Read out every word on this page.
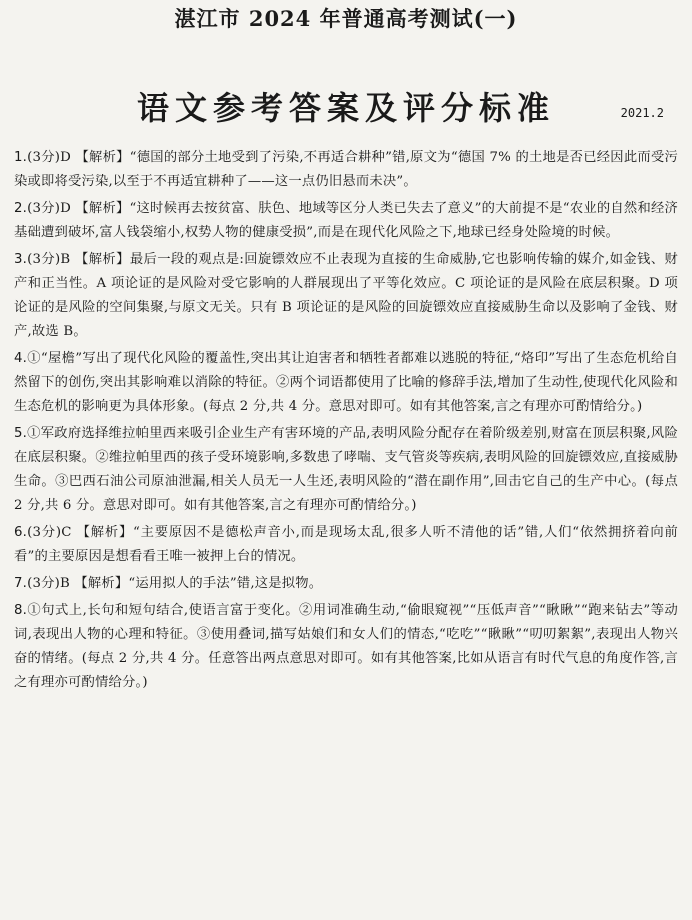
湛江市 2024 年普通高考测试(一)
语文参考答案及评分标准	2021.2

1.(3分)D 【解析】“德国的部分土地受到了污染,不再适合耕种”错,原文为“德国 7% 的土地是否已经因此而受污染或即将受污染,以至于不再适宜耕种了——这一点仍旧悬而未决”。

2.(3分)D 【解析】“这时候再去按贫富、肤色、地域等区分人类已失去了意义”的大前提不是“农业的自然和经济基础遭到破坏,富人钱袋缩小,权势人物的健康受损”,而是在现代化风险之下,地球已经身处险境的时候。

3.(3分)B 【解析】最后一段的观点是:回旋镖效应不止表现为直接的生命威胁,它也影响传输的媒介,如金钱、财产和正当性。A 项论证的是风险对受它影响的人群展现出了平等化效应。C 项论证的是风险在底层积聚。D 项论证的是风险的空间集聚,与原文无关。只有 B 项论证的是风险的回旋镖效应直接威胁生命以及影响了金钱、财产,故选 B。

4.①“屋檐”写出了现代化风险的覆盖性,突出其让迫害者和牺牲者都难以逃脱的特征,“烙印”写出了生态危机给自然留下的创伤,突出其影响难以消除的特征。②两个词语都使用了比喻的修辞手法,增加了生动性,使现代化风险和生态危机的影响更为具体形象。(每点 2 分,共 4 分。意思对即可。如有其他答案,言之有理亦可酌情给分。)

5.①军政府选择维拉帕里西来吸引企业生产有害环境的产品,表明风险分配存在着阶级差别,财富在顶层积聚,风险在底层积聚。②维拉帕里西的孩子受环境影响,多数患了哮喘、支气管炎等疾病,表明风险的回旋镖效应,直接威胁生命。③巴西石油公司原油泄漏,相关人员无一人生还,表明风险的“潜在副作用”,回击它自己的生产中心。(每点 2 分,共 6 分。意思对即可。如有其他答案,言之有理亦可酌情给分。)

6.(3分)C 【解析】“主要原因不是德松声音小,而是现场太乱,很多人听不清他的话”错,人们“依然拥挤着向前看”的主要原因是想看看王唯一被押上台的情况。

7.(3分)B 【解析】“运用拟人的手法”错,这是拟物。

8.①句式上,长句和短句结合,使语言富于变化。②用词准确生动,“偷眼窥视”“压低声音”“瞅瞅”“跑来钻去”等动词,表现出人物的心理和特征。③使用叠词,描写姑娘们和女人们的情态,“吃吃”“瞅瞅”“叨叨絮絮”,表现出人物兴奋的情绪。(每点 2 分,共 4 分。任意答出两点意思对即可。如有其他答案,比如从语言有时代气息的角度作答,言之有理亦可酌情给分。)
